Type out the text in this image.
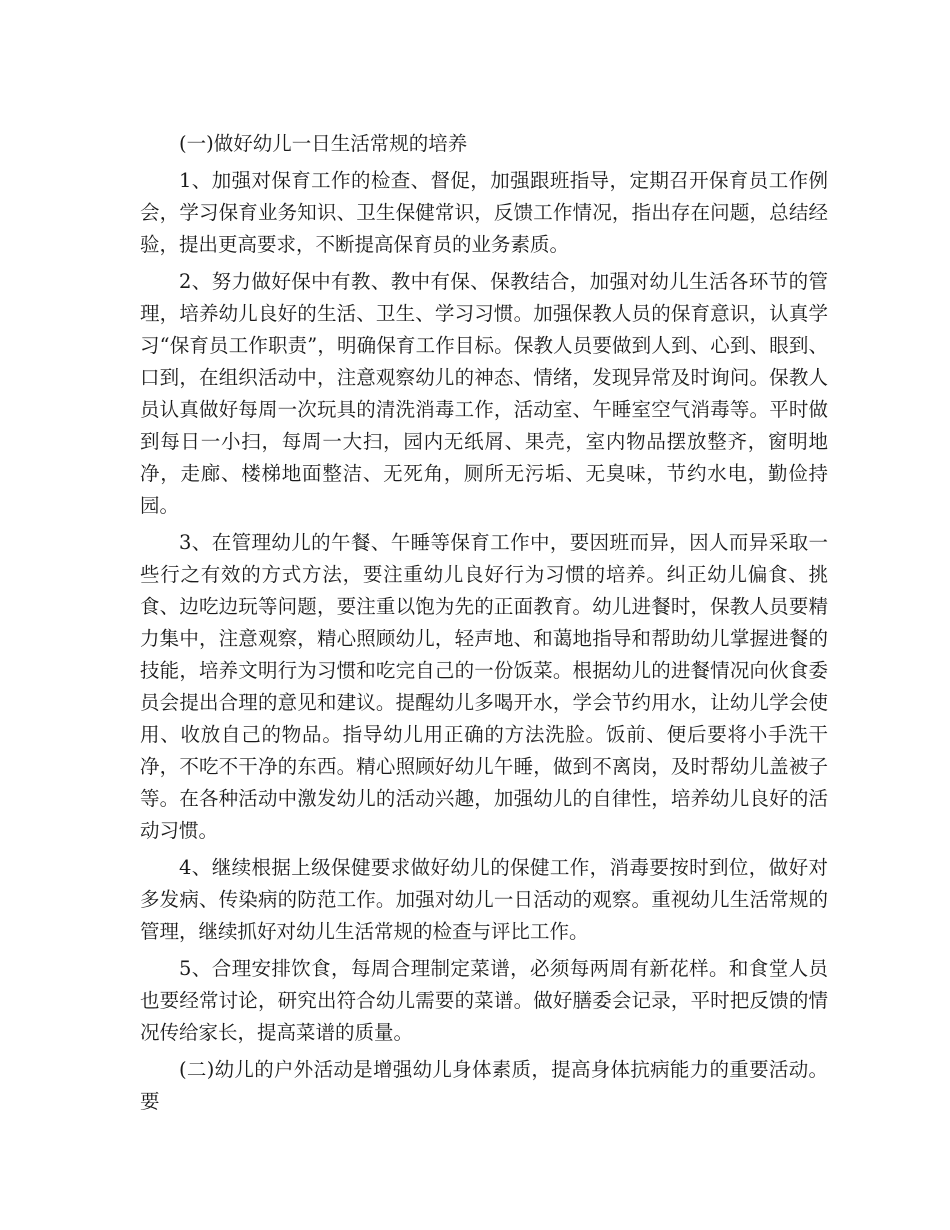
(一)做好幼儿一日生活常规的培养

1、加强对保育工作的检查、督促，加强跟班指导，定期召开保育员工作例会，学习保育业务知识、卫生保健常识，反馈工作情况，指出存在问题，总结经验，提出更高要求，不断提高保育员的业务素质。

2、努力做好保中有教、教中有保、保教结合，加强对幼儿生活各环节的管理，培养幼儿良好的生活、卫生、学习习惯。加强保教人员的保育意识，认真学习“保育员工作职责”，明确保育工作目标。保教人员要做到人到、心到、眼到、口到，在组织活动中，注意观察幼儿的神态、情绪，发现异常及时询问。保教人员认真做好每周一次玩具的清洗消毒工作，活动室、午睡室空气消毒等。平时做到每日一小扫，每周一大扫，园内无纸屑、果壳，室内物品摆放整齐，窗明地净，走廊、楼梯地面整洁、无死角，厕所无污垢、无臭味，节约水电，勤俭持园。

3、在管理幼儿的午餐、午睡等保育工作中，要因班而异，因人而异采取一些行之有效的方式方法，要注重幼儿良好行为习惯的培养。纠正幼儿偏食、挑食、边吃边玩等问题，要注重以饱为先的正面教育。幼儿进餐时，保教人员要精力集中，注意观察，精心照顾幼儿，轻声地、和蔼地指导和帮助幼儿掌握进餐的技能，培养文明行为习惯和吃完自己的一份饭菜。根据幼儿的进餐情况向伙食委员会提出合理的意见和建议。提醒幼儿多喝开水，学会节约用水，让幼儿学会使用、收放自己的物品。指导幼儿用正确的方法洗脸。饭前、便后要将小手洗干净，不吃不干净的东西。精心照顾好幼儿午睡，做到不离岗，及时帮幼儿盖被子等。在各种活动中激发幼儿的活动兴趣，加强幼儿的自律性，培养幼儿良好的活动习惯。

4、继续根据上级保健要求做好幼儿的保健工作，消毒要按时到位，做好对多发病、传染病的防范工作。加强对幼儿一日活动的观察。重视幼儿生活常规的管理，继续抓好对幼儿生活常规的检查与评比工作。

5、合理安排饮食，每周合理制定菜谱，必须每两周有新花样。和食堂人员也要经常讨论，研究出符合幼儿需要的菜谱。做好膳委会记录，平时把反馈的情况传给家长，提高菜谱的质量。

(二)幼儿的户外活动是增强幼儿身体素质，提高身体抗病能力的重要活动。要
